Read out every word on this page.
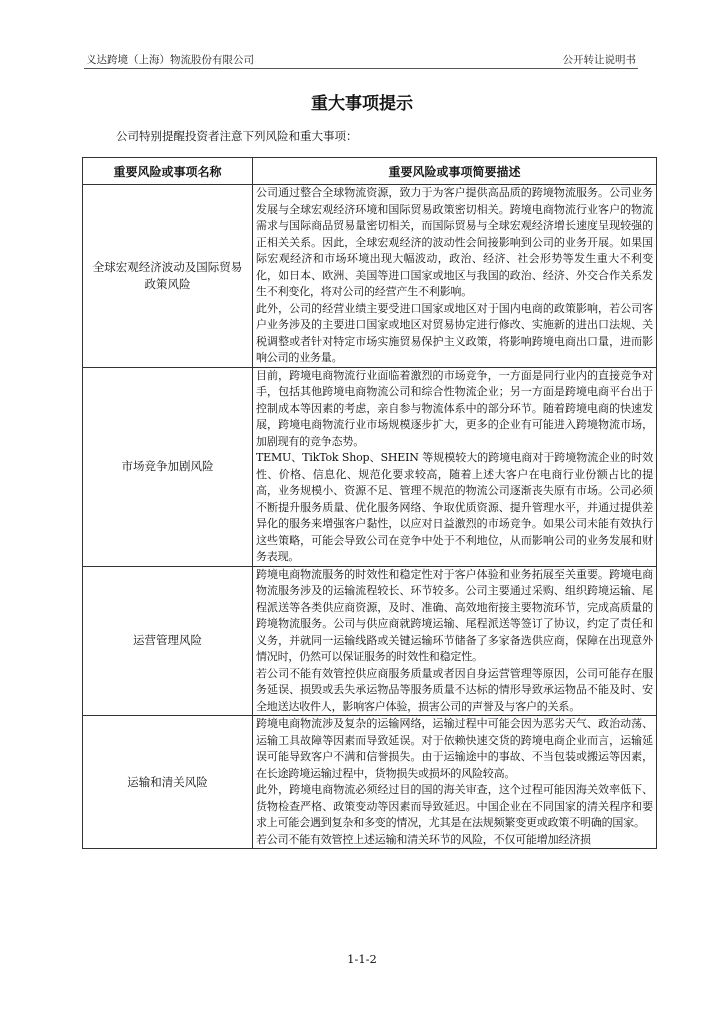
义达跨境（上海）物流股份有限公司	公开转让说明书
重大事项提示
公司特别提醒投资者注意下列风险和重大事项：
重要风险或事项名称	重要风险或事项简要描述
全球宏观经济波动及国际贸易政策风险	公司通过整合全球物流资源，致力于为客户提供高品质的跨境物流服务。公司业务发展与全球宏观经济环境和国际贸易政策密切相关。跨境电商物流行业客户的物流需求与国际商品贸易量密切相关，而国际贸易与全球宏观经济增长速度呈现较强的正相关关系。因此，全球宏观经济的波动性会间接影响到公司的业务开展。如果国际宏观经济和市场环境出现大幅波动，政治、经济、社会形势等发生重大不利变化，如日本、欧洲、美国等进口国家或地区与我国的政治、经济、外交合作关系发生不利变化，将对公司的经营产生不利影响。

此外，公司的经营业绩主要受进口国家或地区对于国内电商的政策影响，若公司客户业务涉及的主要进口国家或地区对贸易协定进行修改、实施新的进出口法规、关税调整或者针对特定市场实施贸易保护主义政策，将影响跨境电商出口量，进而影响公司的业务量。

市场竞争加剧风险	目前，跨境电商物流行业面临着激烈的市场竞争，一方面是同行业内的直接竞争对手，包括其他跨境电商物流公司和综合性物流企业；另一方面是跨境电商平台出于控制成本等因素的考虑，亲自参与物流体系中的部分环节。随着跨境电商的快速发展，跨境电商物流行业市场规模逐步扩大，更多的企业有可能进入跨境物流市场，加剧现有的竞争态势。

TEMU、TikTok Shop、SHEIN 等规模较大的跨境电商对于跨境物流企业的时效性、价格、信息化、规范化要求较高，随着上述大客户在电商行业份额占比的提高，业务规模小、资源不足、管理不规范的物流公司逐渐丧失原有市场。公司必须不断提升服务质量、优化服务网络、争取优质资源、提升管理水平，并通过提供差异化的服务来增强客户黏性，以应对日益激烈的市场竞争。如果公司未能有效执行这些策略，可能会导致公司在竞争中处于不利地位，从而影响公司的业务发展和财务表现。

运营管理风险	跨境电商物流服务的时效性和稳定性对于客户体验和业务拓展至关重要。跨境电商物流服务涉及的运输流程较长、环节较多。公司主要通过采购、组织跨境运输、尾程派送等各类供应商资源，及时、准确、高效地衔接主要物流环节，完成高质量的跨境物流服务。公司与供应商就跨境运输、尾程派送等签订了协议，约定了责任和义务，并就同一运输线路或关键运输环节储备了多家备选供应商，保障在出现意外情况时，仍然可以保证服务的时效性和稳定性。

若公司不能有效管控供应商服务质量或者因自身运营管理等原因，公司可能存在服务延误、损毁或丢失承运物品等服务质量不达标的情形导致承运物品不能及时、安全地送达收件人，影响客户体验，损害公司的声誉及与客户的关系。

运输和清关风险	跨境电商物流涉及复杂的运输网络，运输过程中可能会因为恶劣天气、政治动荡、运输工具故障等因素而导致延误。对于依赖快速交货的跨境电商企业而言，运输延误可能导致客户不满和信誉损失。由于运输途中的事故、不当包装或搬运等因素，在长途跨境运输过程中，货物损失或损坏的风险较高。

此外，跨境电商物流必须经过目的国的海关审查，这个过程可能因海关效率低下、货物检查严格、政策变动等因素而导致延迟。中国企业在不同国家的清关程序和要求上可能会遇到复杂和多变的情况，尤其是在法规频繁变更或政策不明确的国家。

若公司不能有效管控上述运输和清关环节的风险，不仅可能增加经济损

1-1-2
